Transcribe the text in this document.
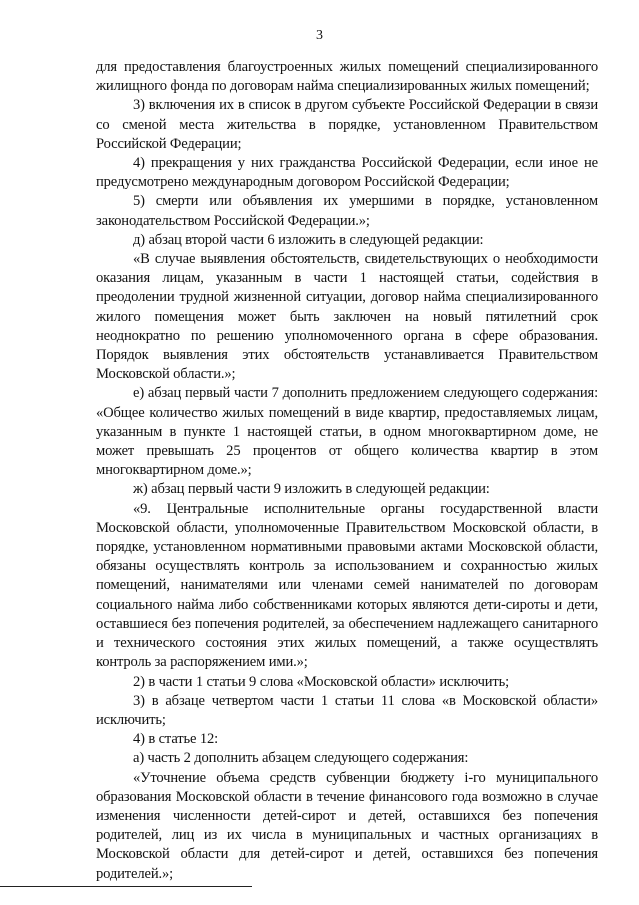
3

для предоставления благоустроенных жилых помещений специализированного жилищного фонда по договорам найма специализированных жилых помещений;

3) включения их в список в другом субъекте Российской Федерации в связи со сменой места жительства в порядке, установленном Правительством Российской Федерации;

4) прекращения у них гражданства Российской Федерации, если иное не предусмотрено международным договором Российской Федерации;

5) смерти или объявления их умершими в порядке, установленном законодательством Российской Федерации.»;

д) абзац второй части 6 изложить в следующей редакции:

«В случае выявления обстоятельств, свидетельствующих о необходимости оказания лицам, указанным в части 1 настоящей статьи, содействия в преодолении трудной жизненной ситуации, договор найма специализированного жилого помещения может быть заключен на новый пятилетний срок неоднократно по решению уполномоченного органа в сфере образования. Порядок выявления этих обстоятельств устанавливается Правительством Московской области.»;

е) абзац первый части 7 дополнить предложением следующего содержания: «Общее количество жилых помещений в виде квартир, предоставляемых лицам, указанным в пункте 1 настоящей статьи, в одном многоквартирном доме, не может превышать 25 процентов от общего количества квартир в этом многоквартирном доме.»;

ж) абзац первый части 9 изложить в следующей редакции:

«9. Центральные исполнительные органы государственной власти Московской области, уполномоченные Правительством Московской области, в порядке, установленном нормативными правовыми актами Московской области, обязаны осуществлять контроль за использованием и сохранностью жилых помещений, нанимателями или членами семей нанимателей по договорам социального найма либо собственниками которых являются дети-сироты и дети, оставшиеся без попечения родителей, за обеспечением надлежащего санитарного и технического состояния этих жилых помещений, а также осуществлять контроль за распоряжением ими.»;

2) в части 1 статьи 9 слова «Московской области» исключить;

3) в абзаце четвертом части 1 статьи 11 слова «в Московской области» исключить;

4) в статье 12:

а) часть 2 дополнить абзацем следующего содержания:

«Уточнение объема средств субвенции бюджету i-го муниципального образования Московской области в течение финансового года возможно в случае изменения численности детей-сирот и детей, оставшихся без попечения родителей, лиц из их числа в муниципальных и частных организациях в Московской области для детей-сирот и детей, оставшихся без попечения родителей.»;
